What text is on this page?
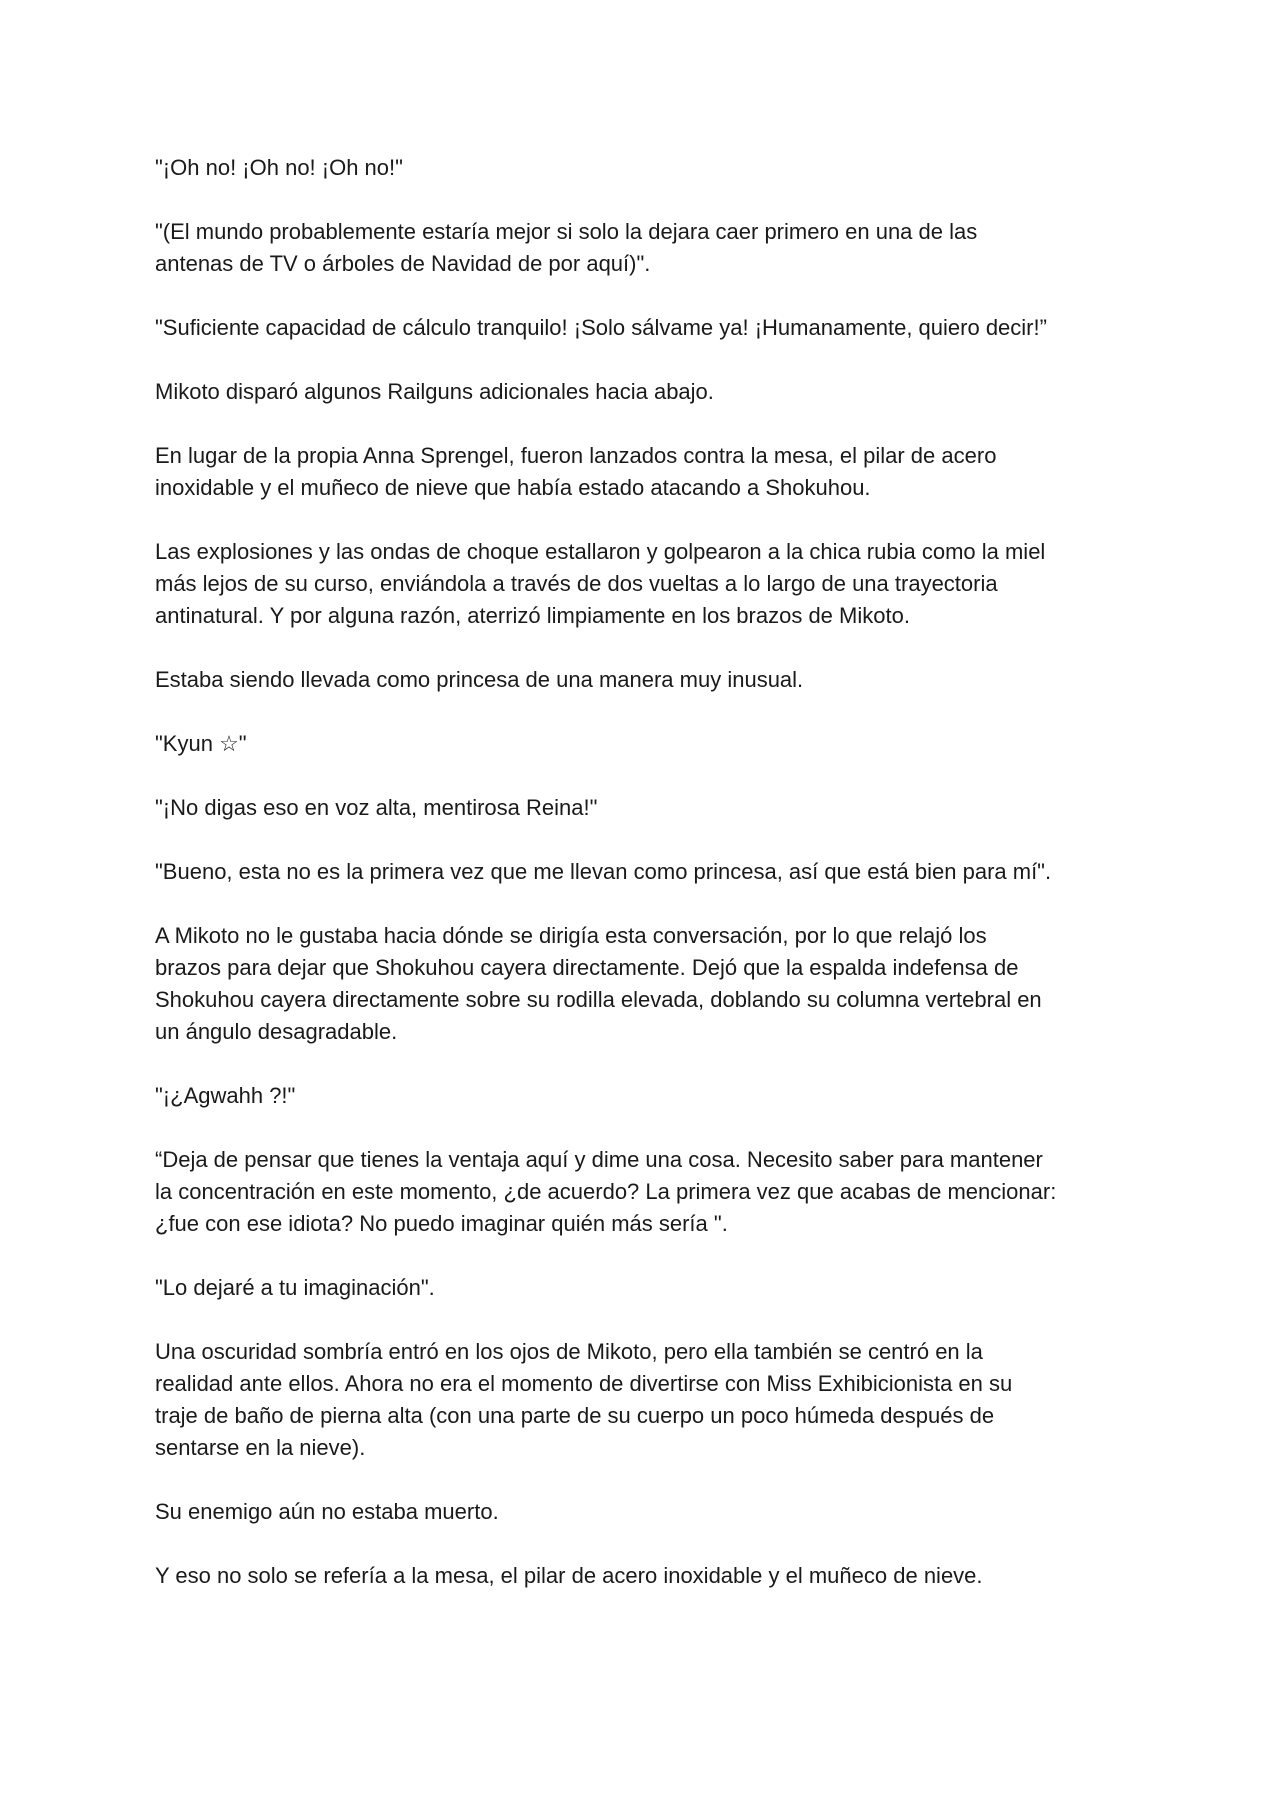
"¡Oh no! ¡Oh no! ¡Oh no!"

"(El mundo probablemente estaría mejor si solo la dejara caer primero en una de las
antenas de TV o árboles de Navidad de por aquí)".

"Suficiente capacidad de cálculo tranquilo! ¡Solo sálvame ya! ¡Humanamente, quiero decir!”

Mikoto disparó algunos Railguns adicionales hacia abajo.

En lugar de la propia Anna Sprengel, fueron lanzados contra la mesa, el pilar de acero
inoxidable y el muñeco de nieve que había estado atacando a Shokuhou.

Las explosiones y las ondas de choque estallaron y golpearon a la chica rubia como la miel
más lejos de su curso, enviándola a través de dos vueltas a lo largo de una trayectoria
antinatural. Y por alguna razón, aterrizó limpiamente en los brazos de Mikoto.

Estaba siendo llevada como princesa de una manera muy inusual.

"Kyun ☆"

"¡No digas eso en voz alta, mentirosa Reina!"

"Bueno, esta no es la primera vez que me llevan como princesa, así que está bien para mí".

A Mikoto no le gustaba hacia dónde se dirigía esta conversación, por lo que relajó los
brazos para dejar que Shokuhou cayera directamente. Dejó que la espalda indefensa de
Shokuhou cayera directamente sobre su rodilla elevada, doblando su columna vertebral en
un ángulo desagradable.

"¡¿Agwahh ?!"

“Deja de pensar que tienes la ventaja aquí y dime una cosa. Necesito saber para mantener
la concentración en este momento, ¿de acuerdo? La primera vez que acabas de mencionar:
¿fue con ese idiota? No puedo imaginar quién más sería ".

"Lo dejaré a tu imaginación".

Una oscuridad sombría entró en los ojos de Mikoto, pero ella también se centró en la
realidad ante ellos. Ahora no era el momento de divertirse con Miss Exhibicionista en su
traje de baño de pierna alta (con una parte de su cuerpo un poco húmeda después de
sentarse en la nieve).

Su enemigo aún no estaba muerto.

Y eso no solo se refería a la mesa, el pilar de acero inoxidable y el muñeco de nieve.
